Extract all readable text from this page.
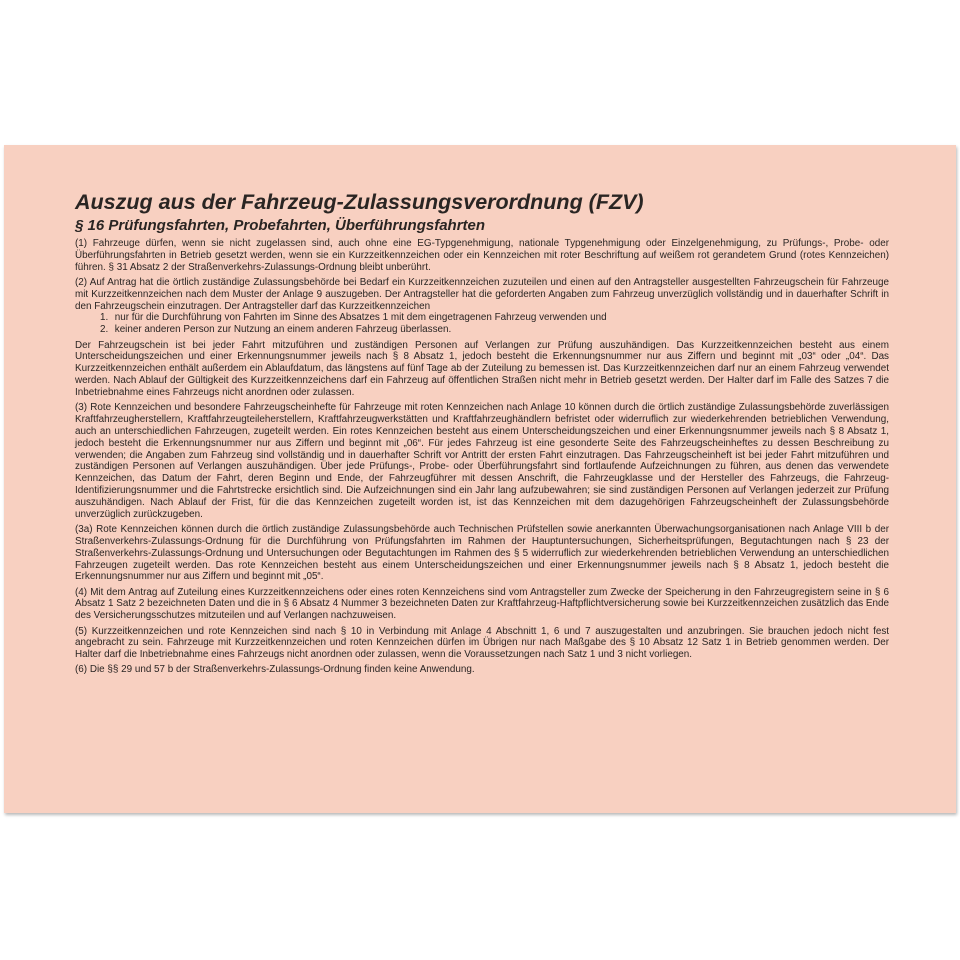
Auszug aus der Fahrzeug-Zulassungsverordnung (FZV)
§ 16 Prüfungsfahrten, Probefahrten, Überführungsfahrten

(1) Fahrzeuge dürfen, wenn sie nicht zugelassen sind, auch ohne eine EG-Typgenehmigung, nationale Typgenehmigung oder Einzelgenehmigung, zu Prüfungs-, Probe- oder Überführungsfahrten in Betrieb gesetzt werden, wenn sie ein Kurzzeitkennzeichen oder ein Kennzeichen mit roter Beschriftung auf weißem rot gerandetem Grund (rotes Kennzeichen) führen. § 31 Absatz 2 der Straßenverkehrs-Zulassungs-Ordnung bleibt unberührt.

(2) Auf Antrag hat die örtlich zuständige Zulassungsbehörde bei Bedarf ein Kurzzeitkennzeichen zuzuteilen und einen auf den Antragsteller ausgestellten Fahrzeugschein für Fahrzeuge mit Kurzzeitkennzeichen nach dem Muster der Anlage 9 auszugeben. Der Antragsteller hat die geforderten Angaben zum Fahrzeug unverzüglich vollständig und in dauerhafter Schrift in den Fahrzeugschein einzutragen. Der Antragsteller darf das Kurzzeitkennzeichen

1. nur für die Durchführung von Fahrten im Sinne des Absatzes 1 mit dem eingetragenen Fahrzeug verwenden und
2. keiner anderen Person zur Nutzung an einem anderen Fahrzeug überlassen.

Der Fahrzeugschein ist bei jeder Fahrt mitzuführen und zuständigen Personen auf Verlangen zur Prüfung auszuhändigen. Das Kurzzeitkennzeichen besteht aus einem Unterscheidungszeichen und einer Erkennungsnummer jeweils nach § 8 Absatz 1, jedoch besteht die Erkennungsnummer nur aus Ziffern und beginnt mit „03“ oder „04“. Das Kurzzeitkennzeichen enthält außerdem ein Ablaufdatum, das längstens auf fünf Tage ab der Zuteilung zu bemessen ist. Das Kurzzeitkennzeichen darf nur an einem Fahrzeug verwendet werden. Nach Ablauf der Gültigkeit des Kurzzeitkennzeichens darf ein Fahrzeug auf öffentlichen Straßen nicht mehr in Betrieb gesetzt werden. Der Halter darf im Falle des Satzes 7 die Inbetriebnahme eines Fahrzeugs nicht anordnen oder zulassen.

(3) Rote Kennzeichen und besondere Fahrzeugscheinhefte für Fahrzeuge mit roten Kennzeichen nach Anlage 10 können durch die örtlich zuständige Zulassungsbehörde zuverlässigen Kraftfahrzeugherstellern, Kraftfahrzeugteileherstellern, Kraftfahrzeugwerkstätten und Kraftfahrzeughändlern befristet oder widerruflich zur wiederkehrenden betrieblichen Verwendung, auch an unterschiedlichen Fahrzeugen, zugeteilt werden. Ein rotes Kennzeichen besteht aus einem Unterscheidungszeichen und einer Erkennungsnummer jeweils nach § 8 Absatz 1, jedoch besteht die Erkennungsnummer nur aus Ziffern und beginnt mit „06“. Für jedes Fahrzeug ist eine gesonderte Seite des Fahrzeugscheinheftes zu dessen Beschreibung zu verwenden; die Angaben zum Fahrzeug sind vollständig und in dauerhafter Schrift vor Antritt der ersten Fahrt einzutragen. Das Fahrzeugscheinheft ist bei jeder Fahrt mitzuführen und zuständigen Personen auf Verlangen auszuhändigen. Über jede Prüfungs-, Probe- oder Überführungsfahrt sind fortlaufende Aufzeichnungen zu führen, aus denen das verwendete Kennzeichen, das Datum der Fahrt, deren Beginn und Ende, der Fahrzeugführer mit dessen Anschrift, die Fahrzeugklasse und der Hersteller des Fahrzeugs, die Fahrzeug-Identifizierungsnummer und die Fahrtstrecke ersichtlich sind. Die Aufzeichnungen sind ein Jahr lang aufzubewahren; sie sind zuständigen Personen auf Verlangen jederzeit zur Prüfung auszuhändigen. Nach Ablauf der Frist, für die das Kennzeichen zugeteilt worden ist, ist das Kennzeichen mit dem dazugehörigen Fahrzeugscheinheft der Zulassungsbehörde unverzüglich zurückzugeben.

(3a) Rote Kennzeichen können durch die örtlich zuständige Zulassungsbehörde auch Technischen Prüfstellen sowie anerkannten Überwachungsorganisationen nach Anlage VIII b der Straßenverkehrs-Zulassungs-Ordnung für die Durchführung von Prüfungsfahrten im Rahmen der Hauptuntersuchungen, Sicherheitsprüfungen, Begutachtungen nach § 23 der Straßenverkehrs-Zulassungs-Ordnung und Untersuchungen oder Begutachtungen im Rahmen des § 5 widerruflich zur wiederkehrenden betrieblichen Verwendung an unterschiedlichen Fahrzeugen zugeteilt werden. Das rote Kennzeichen besteht aus einem Unterscheidungszeichen und einer Erkennungsnummer jeweils nach § 8 Absatz 1, jedoch besteht die Erkennungsnummer nur aus Ziffern und beginnt mit „05“.

(4) Mit dem Antrag auf Zuteilung eines Kurzzeitkennzeichens oder eines roten Kennzeichens sind vom Antragsteller zum Zwecke der Speicherung in den Fahrzeugregistern seine in § 6 Absatz 1 Satz 2 bezeichneten Daten und die in § 6 Absatz 4 Nummer 3 bezeichneten Daten zur Kraftfahrzeug-Haftpflichtversicherung sowie bei Kurzzeitkennzeichen zusätzlich das Ende des Versicherungsschutzes mitzuteilen und auf Verlangen nachzuweisen.

(5) Kurzzeitkennzeichen und rote Kennzeichen sind nach § 10 in Verbindung mit Anlage 4 Abschnitt 1, 6 und 7 auszugestalten und anzubringen. Sie brauchen jedoch nicht fest angebracht zu sein. Fahrzeuge mit Kurzzeitkennzeichen und roten Kennzeichen dürfen im Übrigen nur nach Maßgabe des § 10 Absatz 12 Satz 1 in Betrieb genommen werden. Der Halter darf die Inbetriebnahme eines Fahrzeugs nicht anordnen oder zulassen, wenn die Voraussetzungen nach Satz 1 und 3 nicht vorliegen.

(6) Die §§ 29 und 57 b der Straßenverkehrs-Zulassungs-Ordnung finden keine Anwendung.
